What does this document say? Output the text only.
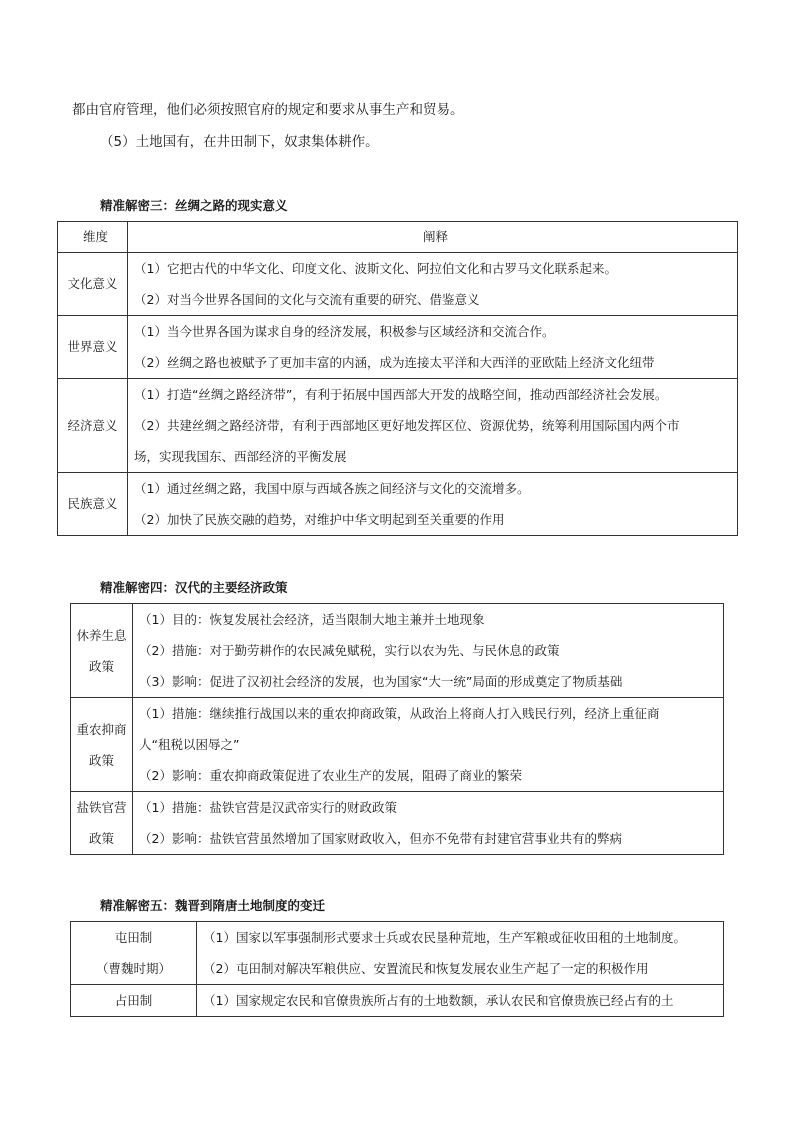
都由官府管理，他们必须按照官府的规定和要求从事生产和贸易。
（5）土地国有，在井田制下，奴隶集体耕作。
精准解密三：丝绸之路的现实意义
维度	阐释
文化意义	（1）它把古代的中华文化、印度文化、波斯文化、阿拉伯文化和古罗马文化联系起来。
（2）对当今世界各国间的文化与交流有重要的研究、借鉴意义

世界意义	（1）当今世界各国为谋求自身的经济发展，积极参与区域经济和交流合作。
（2）丝绸之路也被赋予了更加丰富的内涵，成为连接太平洋和大西洋的亚欧陆上经济文化纽带

经济意义	（1）打造“丝绸之路经济带”，有利于拓展中国西部大开发的战略空间，推动西部经济社会发展。
（2）共建丝绸之路经济带，有利于西部地区更好地发挥区位、资源优势，统筹利用国际国内两个市
场，实现我国东、西部经济的平衡发展

民族意义	（1）通过丝绸之路，我国中原与西域各族之间经济与文化的交流增多。
（2）加快了民族交融的趋势，对维护中华文明起到至关重要的作用
精准解密四：汉代的主要经济政策
休养生息
政策	（1）目的：恢复发展社会经济，适当限制大地主兼并土地现象
（2）措施：对于勤劳耕作的农民减免赋税，实行以农为先、与民休息的政策
（3）影响：促进了汉初社会经济的发展，也为国家“大一统”局面的形成奠定了物质基础

重农抑商
政策	（1）措施：继续推行战国以来的重农抑商政策，从政治上将商人打入贱民行列，经济上重征商
人“租税以困辱之”
（2）影响：重农抑商政策促进了农业生产的发展，阻碍了商业的繁荣

盐铁官营
政策	（1）措施：盐铁官营是汉武帝实行的财政政策
（2）影响：盐铁官营虽然增加了国家财政收入，但亦不免带有封建官营事业共有的弊病
精准解密五：魏晋到隋唐土地制度的变迁
屯田制
（曹魏时期）	（1）国家以军事强制形式要求士兵或农民垦种荒地，生产军粮或征收田租的土地制度。
（2）屯田制对解决军粮供应、安置流民和恢复发展农业生产起了一定的积极作用

占田制	（1）国家规定农民和官僚贵族所占有的土地数额，承认农民和官僚贵族已经占有的土
